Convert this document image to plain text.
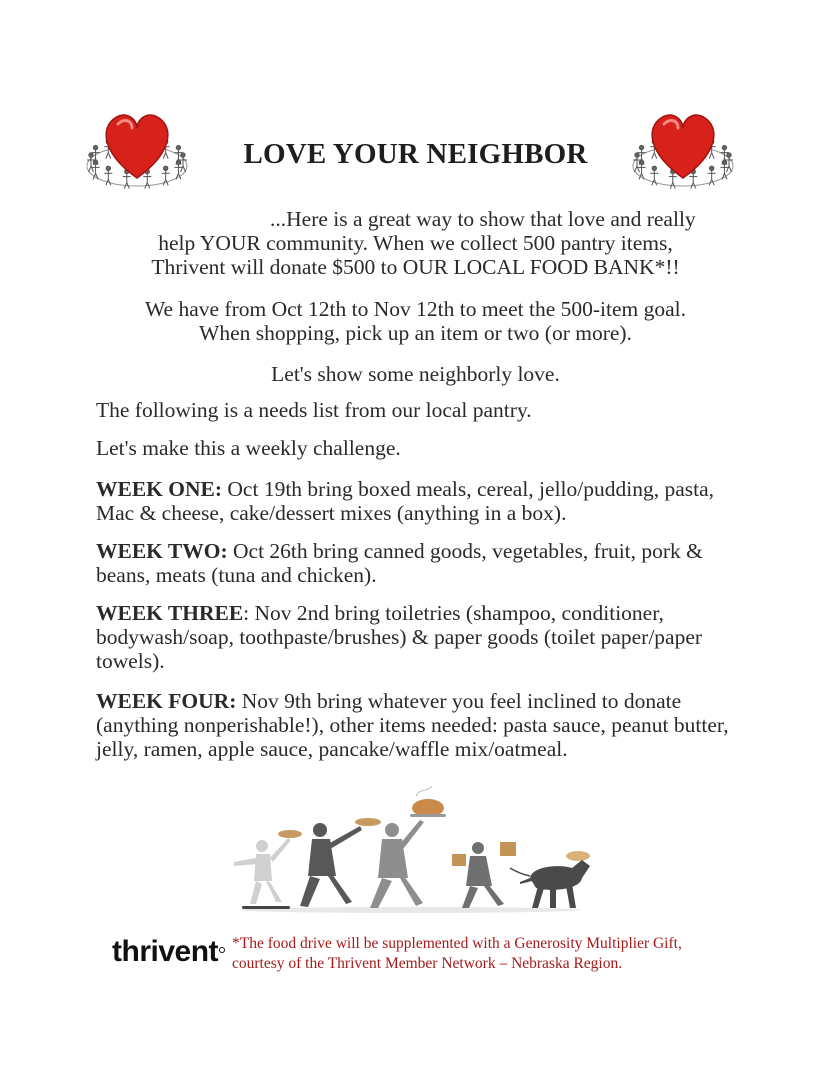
LOVE YOUR NEIGHBOR
...Here is a great way to show that love and really
help YOUR community. When we collect 500 pantry items,
Thrivent will donate $500 to OUR LOCAL FOOD BANK*!!
We have from Oct 12th to Nov 12th to meet the 500-item goal.
When shopping, pick up an item or two (or more).
Let's show some neighborly love.
The following is a needs list from our local pantry.
Let's make this a weekly challenge.
WEEK ONE: Oct 19th bring boxed meals, cereal, jello/pudding, pasta, Mac & cheese, cake/dessert mixes (anything in a box).
WEEK TWO: Oct 26th bring canned goods, vegetables, fruit, pork & beans, meats (tuna and chicken).
WEEK THREE: Nov 2nd bring toiletries (shampoo, conditioner, bodywash/soap, toothpaste/brushes) & paper goods (toilet paper/paper towels).
WEEK FOUR: Nov 9th bring whatever you feel inclined to donate (anything nonperishable!), other items needed: pasta sauce, peanut butter, jelly, ramen, apple sauce, pancake/waffle mix/oatmeal.
thrivent *The food drive will be supplemented with a Generosity Multiplier Gift,
courtesy of the Thrivent Member Network – Nebraska Region.
